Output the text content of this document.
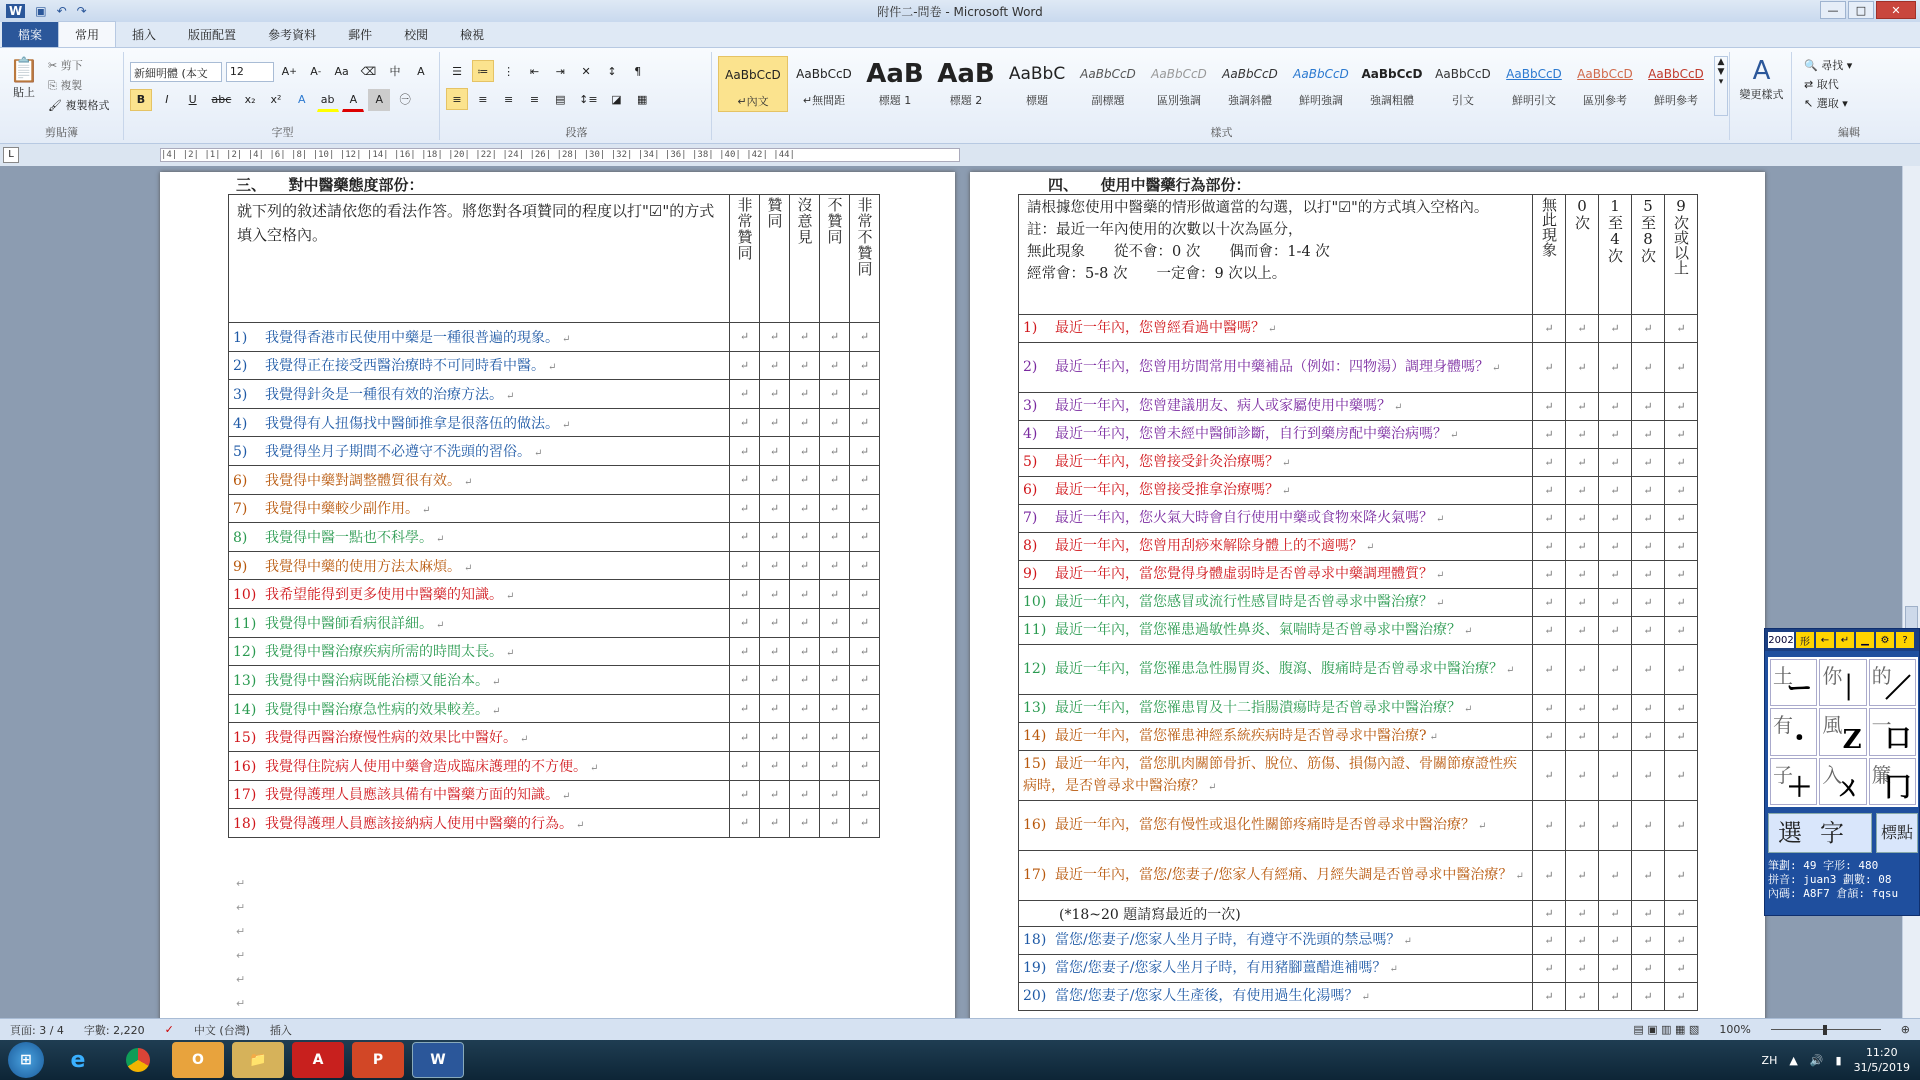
W ▣ ↶ ↷	附件二-問卷 - Microsoft Word	—	□	✕
檔案	常用	插入	版面配置	參考資料	郵件	校閱	檢視
📋
貼上
✂ 剪下
⎘ 複製
🖌 複製格式
剪貼簿
新細明體 (本文 12	A + A - Aa ⌫ 中 A
B I U abc x₂ x² A ab A A ㊀
字型
☰ ≔ ⋮ ⇤ ⇥ ✕ ↕ ¶
≡ ≡ ≡ ≡ ▤ ↕≡ ◪ ▦
段落
AaBbCcD
↵內文
AaBbCcD
↵無間距
AaB
標題 1
AaB
標題 2
AaBbC
標題
AaBbCcD
副標題
AaBbCcD
區別強調
AaBbCcD
強調斜體
AaBbCcD
鮮明強調
AaBbCcD
強調粗體
AaBbCcD
引文
AaBbCcD
鮮明引文
AaBbCcD
區別參考
AaBbCcD
鮮明參考
▲
▼
▾
樣式
A
變更樣式
🔍 尋找 ▾
⇄ 取代
↖ 選取 ▾
編輯
L	|4| |2| |1| |2| |4| |6| |8| |10| |12| |14| |16| |18| |20| |22| |24| |26| |28| |30| |32| |34| |36| |38| |40| |42| |44|
三、　　對中醫藥態度部份：
就下列的敘述請依您的看法作答。將您對各項贊同的程度以打"☑"的方式填入空格內。	非常贊同	贊同	沒意見	不贊同	非常不贊同
1) 我覺得香港市民使用中藥是一種很普遍的現象。 ↵	↵	↵	↵	↵	↵
2) 我覺得正在接受西醫治療時不可同時看中醫。 ↵	↵	↵	↵	↵	↵
3) 我覺得針灸是一種很有效的治療方法。 ↵	↵	↵	↵	↵	↵
4) 我覺得有人扭傷找中醫師推拿是很落伍的做法。 ↵	↵	↵	↵	↵	↵
5) 我覺得坐月子期間不必遵守不洗頭的習俗。 ↵	↵	↵	↵	↵	↵
6) 我覺得中藥對調整體質很有效。 ↵	↵	↵	↵	↵	↵
7) 我覺得中藥較少副作用。 ↵	↵	↵	↵	↵	↵
8) 我覺得中醫一點也不科學。 ↵	↵	↵	↵	↵	↵
9) 我覺得中藥的使用方法太麻煩。 ↵	↵	↵	↵	↵	↵
10) 我希望能得到更多使用中醫藥的知識。 ↵	↵	↵	↵	↵	↵
11) 我覺得中醫師看病很詳細。 ↵	↵	↵	↵	↵	↵
12) 我覺得中醫治療疾病所需的時間太長。 ↵	↵	↵	↵	↵	↵
13) 我覺得中醫治病既能治標又能治本。 ↵	↵	↵	↵	↵	↵
14) 我覺得中醫治療急性病的效果較差。 ↵	↵	↵	↵	↵	↵
15) 我覺得西醫治療慢性病的效果比中醫好。 ↵	↵	↵	↵	↵	↵
16) 我覺得住院病人使用中藥會造成臨床護理的不方便。 ↵	↵	↵	↵	↵	↵
17) 我覺得護理人員應該具備有中醫藥方面的知識。 ↵	↵	↵	↵	↵	↵
18) 我覺得護理人員應該接納病人使用中醫藥的行為。 ↵	↵	↵	↵	↵	↵
↵
↵
↵
↵
↵
↵
四、　　使用中醫藥行為部份：
請根據您使用中醫藥的情形做適當的勾選，以打"☑"的方式填入空格內。
註：最近一年內使用的次數以十次為區分，
無此現象　　從不會：0 次　　偶而會：1-4 次
經常會：5-8 次　　一定會：9 次以上。	無此現象	0次	1至4次	5至8次	9次或以上
1) 最近一年內，您曾經看過中醫嗎？ ↵	↵	↵	↵	↵	↵
2) 最近一年內，您曾用坊間常用中藥補品（例如：四物湯）調理身體嗎？ ↵	↵	↵	↵	↵	↵
3) 最近一年內，您曾建議朋友、病人或家屬使用中藥嗎？ ↵	↵	↵	↵	↵	↵
4) 最近一年內，您曾未經中醫師診斷，自行到藥房配中藥治病嗎？ ↵	↵	↵	↵	↵	↵
5) 最近一年內，您曾接受針灸治療嗎？ ↵	↵	↵	↵	↵	↵
6) 最近一年內，您曾接受推拿治療嗎？ ↵	↵	↵	↵	↵	↵
7) 最近一年內，您火氣大時會自行使用中藥或食物來降火氣嗎？ ↵	↵	↵	↵	↵	↵
8) 最近一年內，您曾用刮痧來解除身體上的不適嗎？ ↵	↵	↵	↵	↵	↵
9) 最近一年內，當您覺得身體虛弱時是否曾尋求中藥調理體質？ ↵	↵	↵	↵	↵	↵
10) 最近一年內，當您感冒或流行性感冒時是否曾尋求中醫治療？ ↵	↵	↵	↵	↵	↵
11) 最近一年內，當您罹患過敏性鼻炎、氣喘時是否曾尋求中醫治療？ ↵	↵	↵	↵	↵	↵
12) 最近一年內，當您罹患急性腸胃炎、腹瀉、腹痛時是否曾尋求中醫治療？ ↵	↵	↵	↵	↵	↵
13) 最近一年內，當您罹患胃及十二指腸潰瘍時是否曾尋求中醫治療？ ↵	↵	↵	↵	↵	↵
14) 最近一年內，當您罹患神經系統疾病時是否曾尋求中醫治療? ↵	↵	↵	↵	↵	↵
15) 最近一年內，當您肌肉關節骨折、脫位、筋傷、損傷內證、骨關節療證性疾病時，是否曾尋求中醫治療？ ↵	↵	↵	↵	↵	↵
16) 最近一年內，當您有慢性或退化性關節疼痛時是否曾尋求中醫治療？ ↵	↵	↵	↵	↵	↵
17) 最近一年內，當您/您妻子/您家人有經痛、月經失調是否曾尋求中醫治療？ ↵	↵	↵	↵	↵	↵
(*18~20 題請寫最近的一次)	↵	↵	↵	↵	↵
18) 當您/您妻子/您家人坐月子時，有遵守不洗頭的禁忌嗎？ ↵	↵	↵	↵	↵	↵
19) 當您/您妻子/您家人坐月子時，有用豬腳薑醋進補嗎？ ↵	↵	↵	↵	↵	↵
20) 當您/您妻子/您家人生產後，有使用過生化湯嗎？ ↵	↵	↵	↵	↵	↵
2002 形	←	↵	▁	⚙	?
土
ー 你
｜ 的
／
有
・ 風 Z 一
口
子
＋ 入
ㄨ 簾
冂
選字	標點
筆劃: 49 字形: 480
拼音: juan3 劃數: 08
內碼: A8F7 倉頡: fqsu
頁面: 3 / 4 字數: 2,220 ✓ 中文 (台灣) 插入	▤ ▣ ▥ ▦ ▧ 100%	⊕
⊞	e	O	📁	A	P	W	ZH ▲ 🔊 ▮
11:20
31/5/2019
